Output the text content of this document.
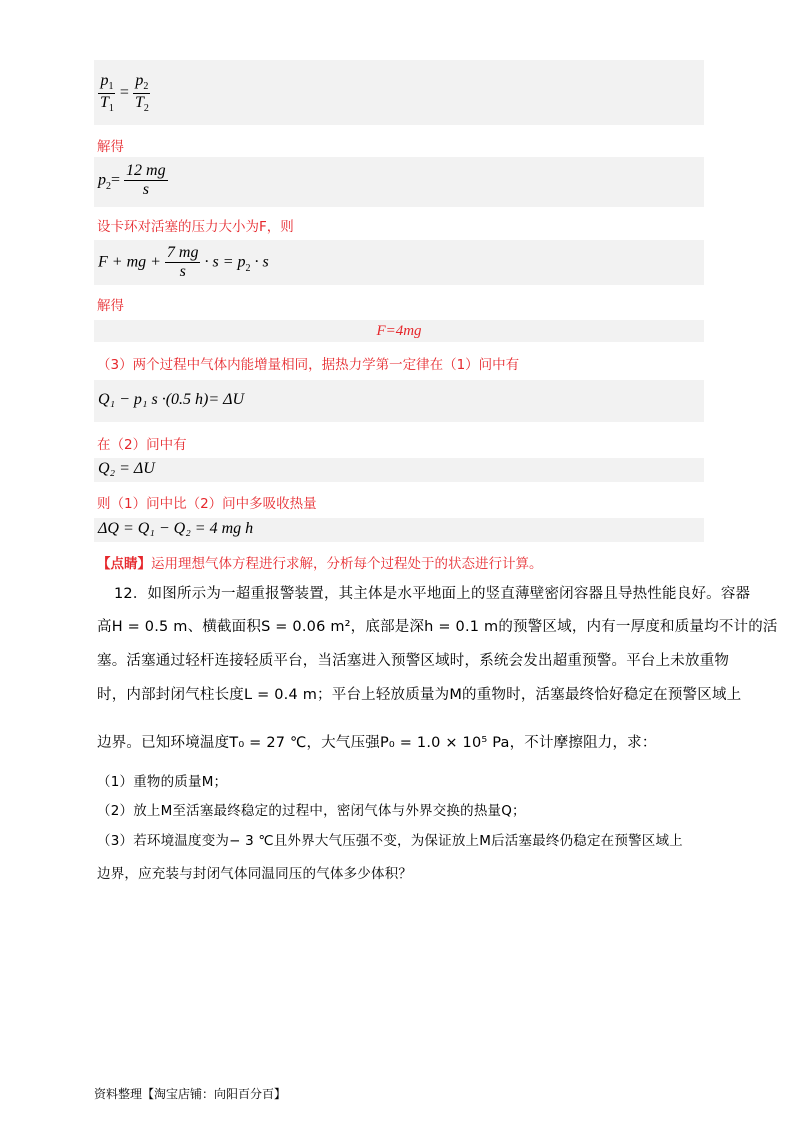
$\frac{p_1}{T_1} = \frac{p_2}{T_2}$
解得
$p_2= \frac{12 mg}{s}$
设卡环对活塞的压力大小为F，则
F + mg + $\frac{7 mg}{s} \cdot s = p_2 \cdot s$
解得
F=4mg
（3）两个过程中气体内能增量相同，据热力学第一定律在（1）问中有
Q₁ − p₁ s ·(0.5 h)= ΔU
在（2）问中有
Q₂ = ΔU
则（1）问中比（2）问中多吸收热量
ΔQ = Q₁ − Q₂ = 4 mg h
【点睛】运用理想气体方程进行求解，分析每个过程处于的状态进行计算。
12．如图所示为一超重报警装置，其主体是水平地面上的竖直薄壁密闭容器且导热性能良好。容器
高H = 0.5 m、横截面积S = 0.06 m²，底部是深h = 0.1 m的预警区域，内有一厚度和质量均不计的活
塞。活塞通过轻杆连接轻质平台，当活塞进入预警区域时，系统会发出超重预警。平台上未放重物
时，内部封闭气柱长度L = 0.4 m；平台上轻放质量为M的重物时，活塞最终恰好稳定在预警区域上
边界。已知环境温度T₀ = 27 ℃，大气压强P₀ = 1.0 × 10⁵ Pa，不计摩擦阻力，求：
（1）重物的质量M；
（2）放上M至活塞最终稳定的过程中，密闭气体与外界交换的热量Q；
（3）若环境温度变为− 3 ℃且外界大气压强不变，为保证放上M后活塞最终仍稳定在预警区域上
边界，应充装与封闭气体同温同压的气体多少体积？
资料整理【淘宝店铺：向阳百分百】
